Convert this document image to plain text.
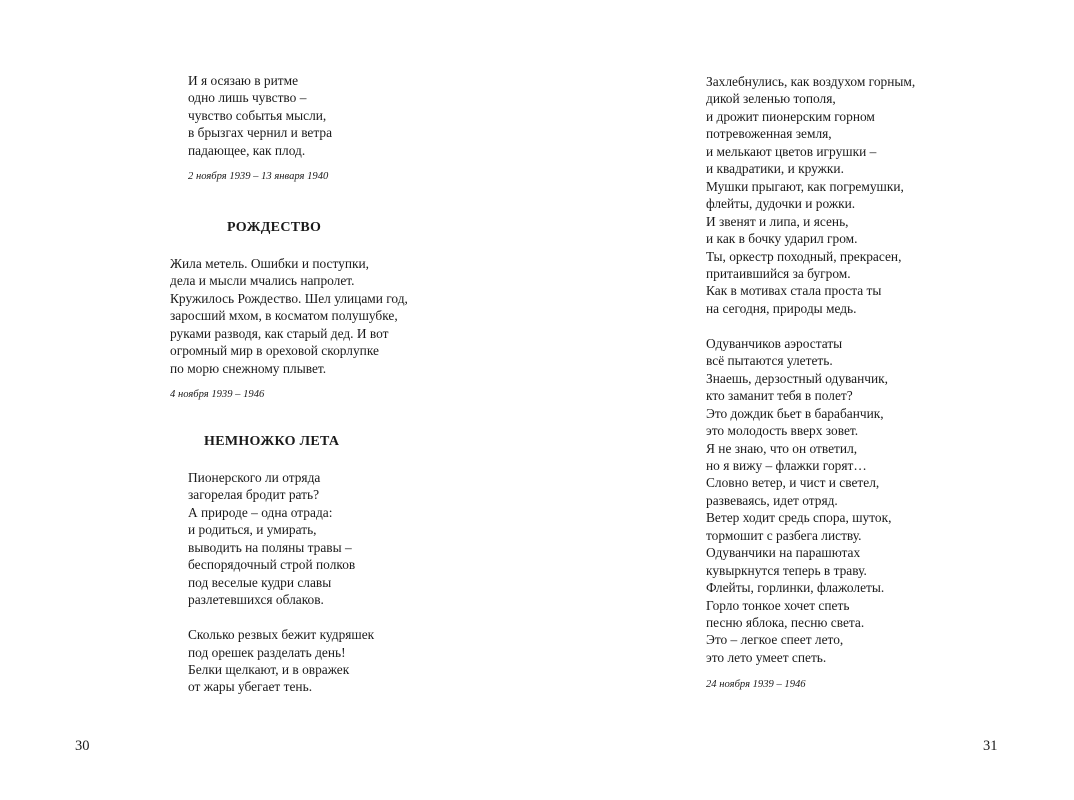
И я осязаю в ритме
одно лишь чувство –
чувство событья мысли,
в брызгах чернил и ветра
падающее, как плод.
2 ноября 1939 – 13 января 1940
РОЖДЕСТВО
Жила метель. Ошибки и поступки,
дела и мысли мчались напролет.
Кружилось Рождество. Шел улицами год,
заросший мхом, в косматом полушубке,
руками разводя, как старый дед. И вот
огромный мир в ореховой скорлупке
по морю снежному плывет.
4 ноября 1939 – 1946
НЕМНОЖКО ЛЕТА
Пионерского ли отряда
загорелая бродит рать?
А природе – одна отрада:
и родиться, и умирать,
выводить на поляны травы –
беспорядочный строй полков
под веселые кудри славы
разлетевшихся облаков.
Сколько резвых бежит кудряшек
под орешек разделать день!
Белки щелкают, и в овражек
от жары убегает тень.
30
Захлебнулись, как воздухом горным,
дикой зеленью тополя,
и дрожит пионерским горном
потревоженная земля,
и мелькают цветов игрушки –
и квадратики, и кружки.
Мушки прыгают, как погремушки,
флейты, дудочки и рожки.
И звенят и липа, и ясень,
и как в бочку ударил гром.
Ты, оркестр походный, прекрасен,
притаившийся за бугром.
Как в мотивах стала проста ты
на сегодня, природы медь.
Одуванчиков аэростаты
всё пытаются улететь.
Знаешь, дерзостный одуванчик,
кто заманит тебя в полет?
Это дождик бьет в барабанчик,
это молодость вверх зовет.
Я не знаю, что он ответил,
но я вижу – флажки горят…
Словно ветер, и чист и светел,
развеваясь, идет отряд.
Ветер ходит средь спора, шуток,
тормошит с разбега листву.
Одуванчики на парашютах
кувыркнутся теперь в траву.
Флейты, горлинки, флажолеты.
Горло тонкое хочет спеть
песню яблока, песню света.
Это – легкое спеет лето,
это лето умеет спеть.
24 ноября 1939 – 1946
31
